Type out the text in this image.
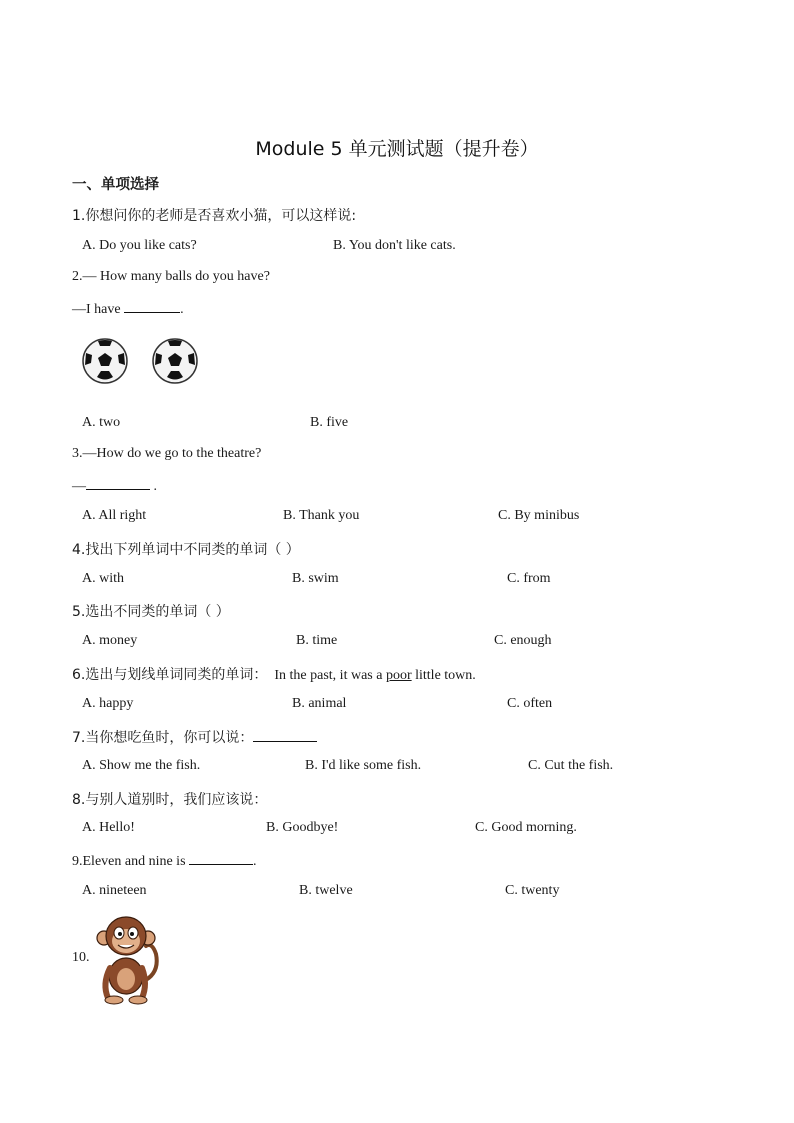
Module 5 单元测试题（提升卷）
一、单项选择
1.你想问你的老师是否喜欢小猫，可以这样说:
A. Do you like cats?	B. You don't like cats.
2.— How many balls do you have?
—I have	.
A. two	B. five
3.—How do we go to the theatre?
—	.
A. All right	B. Thank you	C. By minibus
4.找出下列单词中不同类的单词（ ）
A. with	B. swim	C. from
5.选出不同类的单词（ ）
A. money	B. time	C. enough
6.选出与划线单词同类的单词： In the past, it was a poor little town.
A. happy	B. animal	C. often
7.当你想吃鱼时，你可以说：
A. Show me the fish.	B. I'd like some fish.	C. Cut the fish.
8.与别人道别时，我们应该说：
A. Hello!	B. Goodbye!	C. Good morning.
9.Eleven and nine is	.
A. nineteen	B. twelve	C. twenty
10.
